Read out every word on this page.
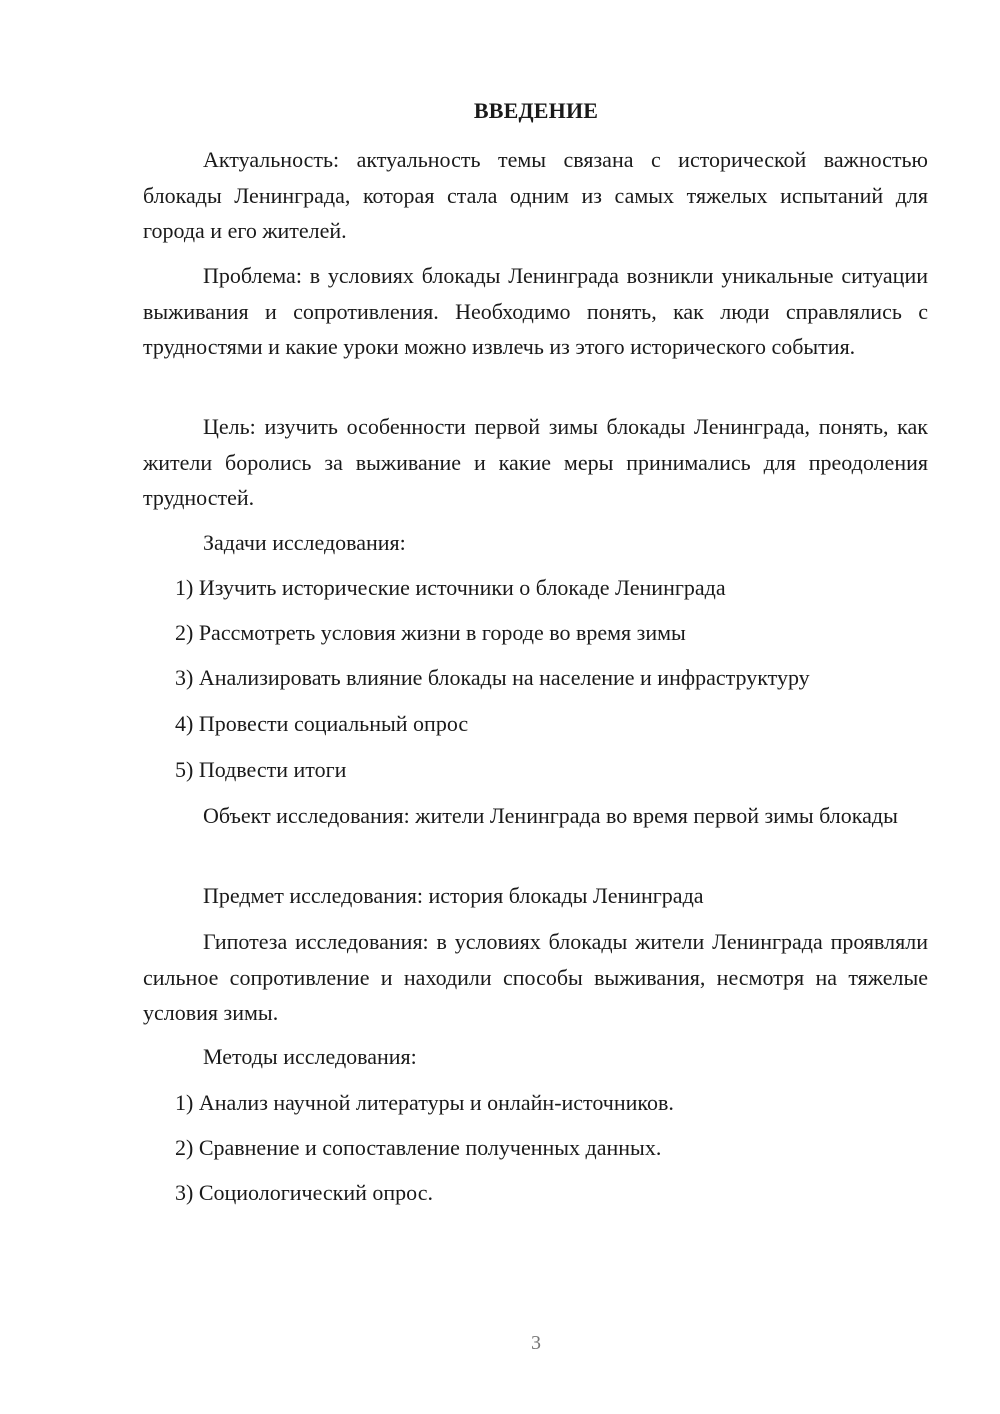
ВВЕДЕНИЕ

Актуальность: актуальность темы связана с исторической важностью блокады Ленинграда, которая стала одним из самых тяжелых испытаний для города и его жителей.

Проблема: в условиях блокады Ленинграда возникли уникальные ситуации выживания и сопротивления. Необходимо понять, как люди справлялись с трудностями и какие уроки можно извлечь из этого исторического события.

Цель: изучить особенности первой зимы блокады Ленинграда, понять, как жители боролись за выживание и какие меры принимались для преодоления трудностей.

Задачи исследования:
1) Изучить исторические источники о блокаде Ленинграда
2) Рассмотреть условия жизни в городе во время зимы
3) Анализировать влияние блокады на население и инфраструктуру
4) Провести социальный опрос
5) Подвести итоги

Объект исследования: жители Ленинграда во время первой зимы блокады

Предмет исследования: история блокады Ленинграда

Гипотеза исследования: в условиях блокады жители Ленинграда проявляли сильное сопротивление и находили способы выживания, несмотря на тяжелые условия зимы.

Методы исследования:
1) Анализ научной литературы и онлайн-источников.
2) Сравнение и сопоставление полученных данных.
3) Социологический опрос.
3
